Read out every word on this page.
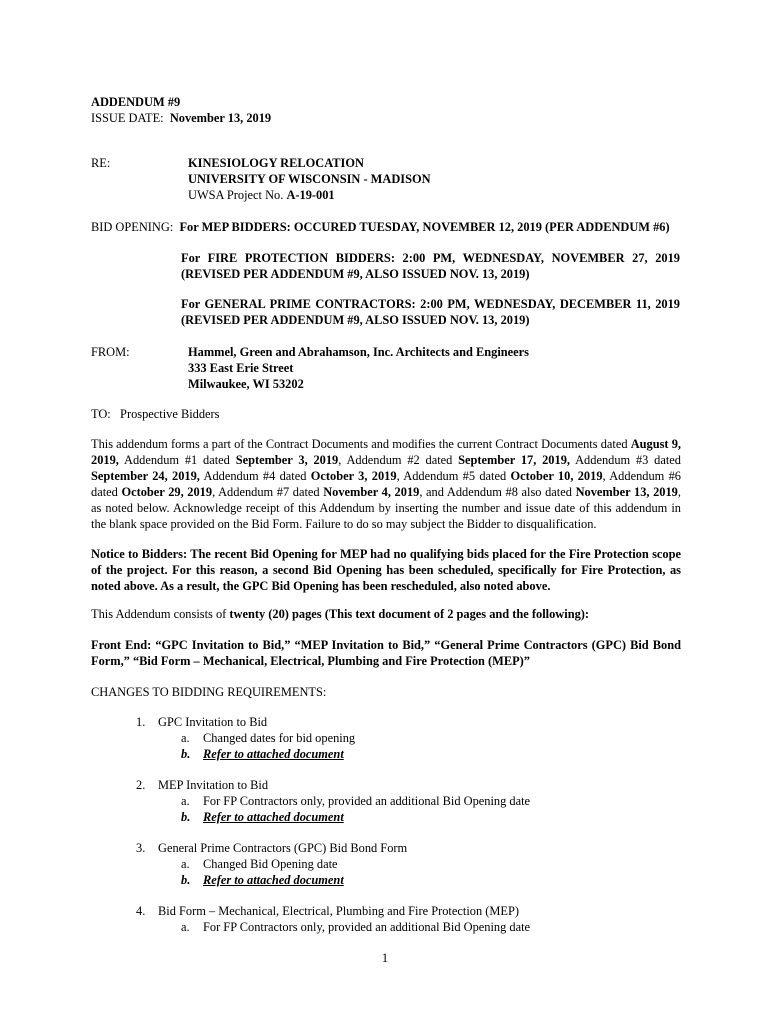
ADDENDUM #9
ISSUE DATE: November 13, 2019
RE:	KINESIOLOGY RELOCATION
UNIVERSITY OF WISCONSIN - MADISON
UWSA Project No. A-19-001
BID OPENING: For MEP BIDDERS: OCCURED TUESDAY, NOVEMBER 12, 2019 (PER ADDENDUM #6)
For FIRE PROTECTION BIDDERS: 2:00 PM, WEDNESDAY, NOVEMBER 27, 2019
(REVISED PER ADDENDUM #9, ALSO ISSUED NOV. 13, 2019)
For GENERAL PRIME CONTRACTORS: 2:00 PM, WEDNESDAY, DECEMBER 11, 2019
(REVISED PER ADDENDUM #9, ALSO ISSUED NOV. 13, 2019)
FROM:	Hammel, Green and Abrahamson, Inc. Architects and Engineers
333 East Erie Street
Milwaukee, WI 53202
TO: Prospective Bidders

This addendum forms a part of the Contract Documents and modifies the current Contract Documents dated August 9, 2019, Addendum #1 dated September 3, 2019, Addendum #2 dated September 17, 2019, Addendum #3 dated September 24, 2019, Addendum #4 dated October 3, 2019, Addendum #5 dated October 10, 2019, Addendum #6 dated October 29, 2019, Addendum #7 dated November 4, 2019, and Addendum #8 also dated November 13, 2019, as noted below. Acknowledge receipt of this Addendum by inserting the number and issue date of this addendum in the blank space provided on the Bid Form. Failure to do so may subject the Bidder to disqualification.

Notice to Bidders: The recent Bid Opening for MEP had no qualifying bids placed for the Fire Protection scope of the project. For this reason, a second Bid Opening has been scheduled, specifically for Fire Protection, as noted above. As a result, the GPC Bid Opening has been rescheduled, also noted above.

This Addendum consists of twenty (20) pages (This text document of 2 pages and the following):

Front End: “GPC Invitation to Bid,” “MEP Invitation to Bid,” “General Prime Contractors (GPC) Bid Bond Form,” “Bid Form – Mechanical, Electrical, Plumbing and Fire Protection (MEP)”

CHANGES TO BIDDING REQUIREMENTS:
1. GPC Invitation to Bid
a. Changed dates for bid opening
b. Refer to attached document
2. MEP Invitation to Bid
a. For FP Contractors only, provided an additional Bid Opening date
b. Refer to attached document
3. General Prime Contractors (GPC) Bid Bond Form
a. Changed Bid Opening date
b. Refer to attached document
4. Bid Form – Mechanical, Electrical, Plumbing and Fire Protection (MEP)
a. For FP Contractors only, provided an additional Bid Opening date
1
